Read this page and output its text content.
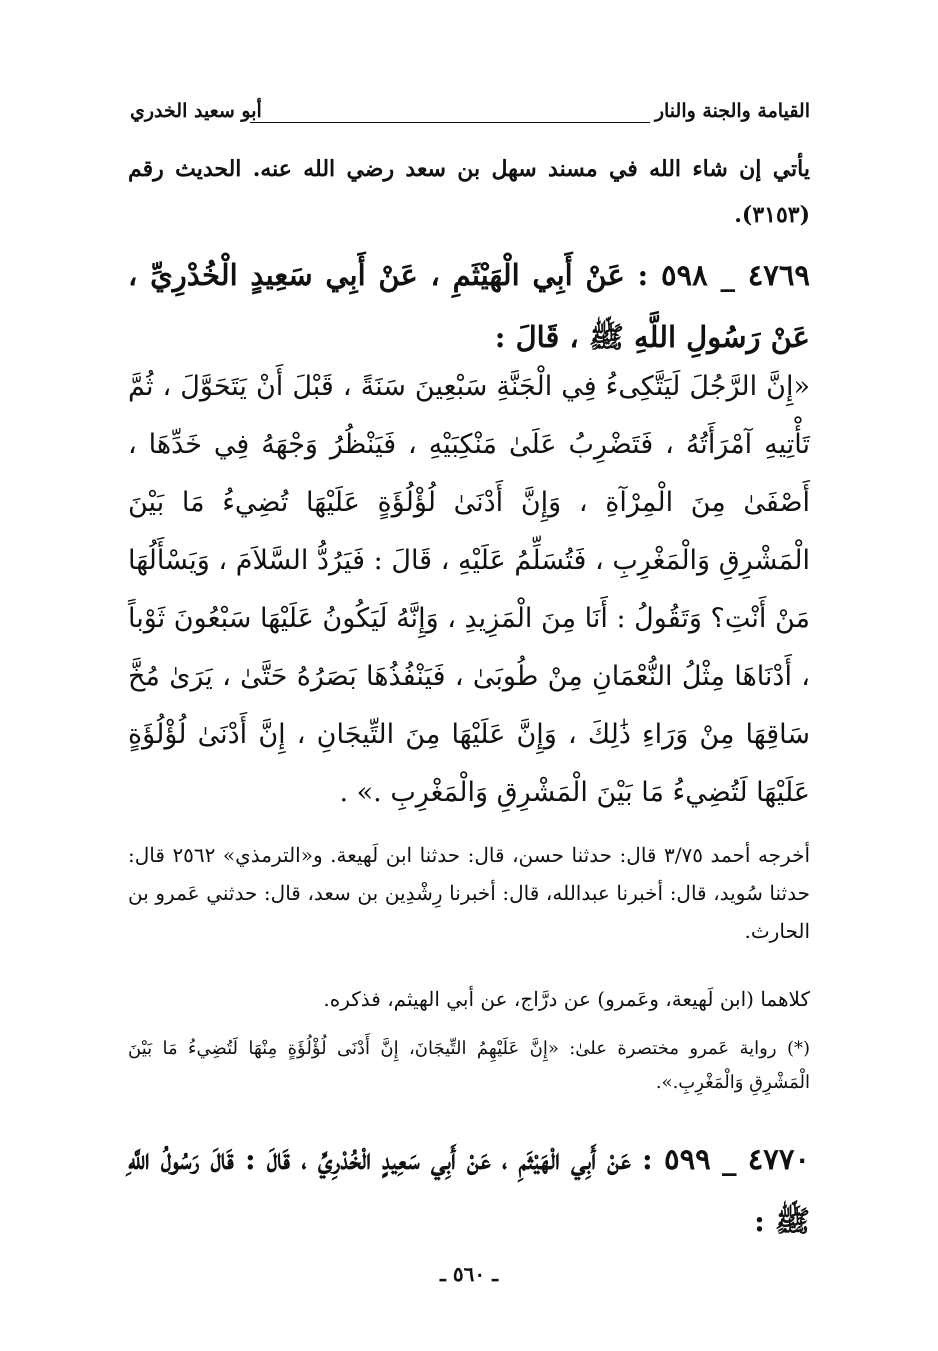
القيامة والجنة والنار
أبو سعيد الخدري
يأتي إن شاء الله في مسند سهل بن سعد رضي الله عنه. الحديث رقم (٣١٥٣).
٤٧٦٩ _ ٥٩٨ : عَنْ أَبِي الْهَيْثَمِ ، عَنْ أَبِي سَعِيدٍ الْخُدْرِيِّ ، عَنْ رَسُولِ اللَّهِ ﷺ ، قَالَ :
«إِنَّ الرَّجُلَ لَيَتَّكِىءُ فِي الْجَنَّةِ سَبْعِينَ سَنَةً ، قَبْلَ أَنْ يَتَحَوَّلَ ، ثُمَّ تَأْتِيهِ آمْرَأَتُهُ ، فَتَضْرِبُ عَلَىٰ مَنْكِبَيْهِ ، فَيَنْظُرُ وَجْهَهُ فِي خَدِّهَا ، أَصْفَىٰ مِنَ الْمِرْآةِ ، وَإِنَّ أَدْنَىٰ لُؤْلُؤَةٍ عَلَيْهَا تُضِيءُ مَا بَيْنَ الْمَشْرِقِ وَالْمَغْرِبِ ، فَتُسَلِّمُ عَلَيْهِ ، قَالَ : فَيَرُدُّ السَّلاَمَ ، وَيَسْأَلُهَا مَنْ أَنْتِ؟ وَتَقُولُ : أَنَا مِنَ الْمَزِيدِ ، وَإِنَّهُ لَيَكُونُ عَلَيْهَا سَبْعُونَ ثَوْباً ، أَدْنَاهَا مِثْلُ النُّعْمَانِ مِنْ طُوبَىٰ ، فَيَنْفُذُهَا بَصَرُهُ حَتَّىٰ ، يَرَىٰ مُخَّ سَاقِهَا مِنْ وَرَاءِ ذَٰلِكَ ، وَإِنَّ عَلَيْهَا مِنَ التِّيجَانِ ، إِنَّ أَدْنَىٰ لُؤْلُؤَةٍ عَلَيْهَا لَتُضِيءُ مَا بَيْنَ الْمَشْرِقِ وَالْمَغْرِبِ .» .
أخرجه أحمد ٣/٧٥ قال: حدثنا حسن، قال: حدثنا ابن لَهيعة. و«الترمذي» ٢٥٦٢ قال: حدثنا سُويد، قال: أخبرنا عبدالله، قال: أخبرنا رِشْدِين بن سعد، قال: حدثني عَمرو بن الحارث.
كلاهما (ابن لَهيعة، وعَمرو) عن درَّاج، عن أبي الهيثم، فذكره.
(*) رواية عَمرو مختصرة علىٰ: «إِنَّ عَلَيْهِمُ التِّيجَانَ، إِنَّ أَدْنَى لُؤْلُؤَةٍ مِنْهَا لَتُضِيءُ مَا بَيْنَ الْمَشْرِقِ وَالْمَغْرِبِ.».
٤٧٧٠ _ ٥٩٩ : عَنْ أَبِي الْهَيْثَمِ ، عَنْ أَبِي سَعِيدٍ الْخُدْرِيِّ ، قَالَ : قَالَ رَسُولُ اللَّهِ ﷺ :
ـ ٥٦٠ ـ
